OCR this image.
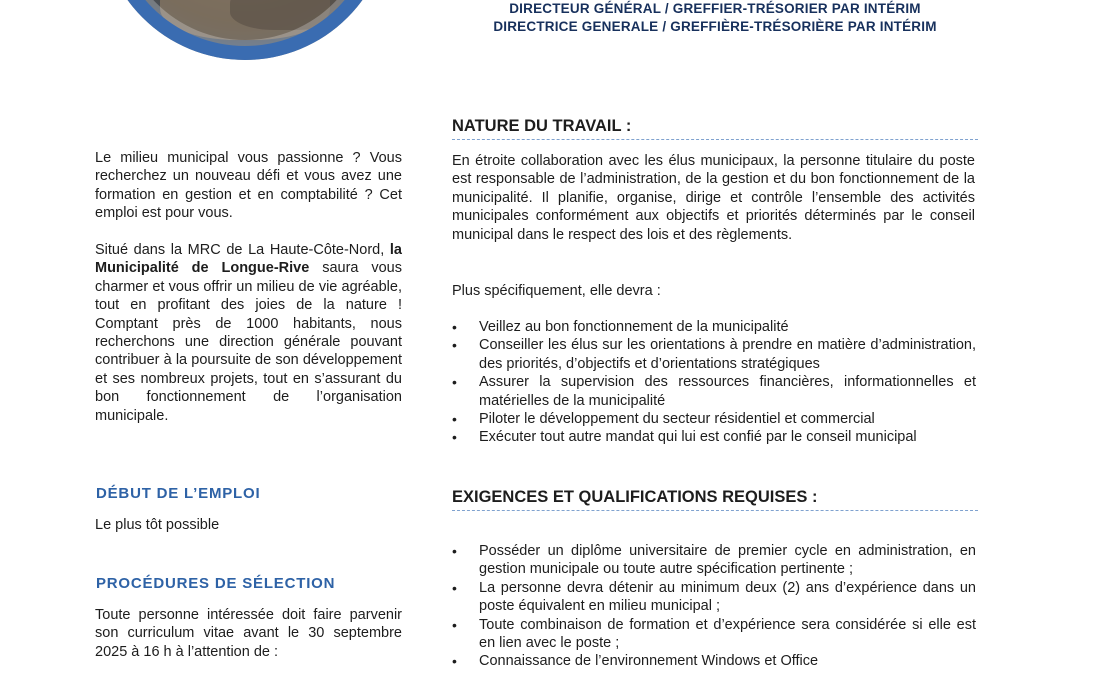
DIRECTEUR GÉNÉRAL / GREFFIER-TRÉSORIER PAR INTÉRIM
DIRECTRICE GENERALE / GREFFIÈRE-TRÉSORIÈRE PAR INTÉRIM
Le milieu municipal vous passionne ? Vous recherchez un nouveau défi et vous avez une formation en gestion et en comptabilité ? Cet emploi est pour vous.
Situé dans la MRC de La Haute-Côte-Nord, la Municipalité de Longue-Rive saura vous charmer et vous offrir un milieu de vie agréable, tout en profitant des joies de la nature ! Comptant près de 1000 habitants, nous recherchons une direction générale pouvant contribuer à la poursuite de son développement et ses nombreux projets, tout en s’assurant du bon fonctionnement de l’organisation municipale.
DÉBUT DE L’EMPLOI
Le plus tôt possible
PROCÉDURES DE SÉLECTION
Toute personne intéressée doit faire parvenir son curriculum vitae avant le 30 septembre 2025 à 16 h à l’attention de :
NATURE DU TRAVAIL :
En étroite collaboration avec les élus municipaux, la personne titulaire du poste est responsable de l’administration, de la gestion et du bon fonctionnement de la municipalité. Il planifie, organise, dirige et contrôle l’ensemble des activités municipales conformément aux objectifs et priorités déterminés par le conseil municipal dans le respect des lois et des règlements.
Plus spécifiquement, elle devra :
• Veillez au bon fonctionnement de la municipalité
• Conseiller les élus sur les orientations à prendre en matière d’administration, des priorités, d’objectifs et d’orientations stratégiques
• Assurer la supervision des ressources financières, informationnelles et matérielles de la municipalité
• Piloter le développement du secteur résidentiel et commercial
• Exécuter tout autre mandat qui lui est confié par le conseil municipal
EXIGENCES ET QUALIFICATIONS REQUISES :
• Posséder un diplôme universitaire de premier cycle en administration, en gestion municipale ou toute autre spécification pertinente ;
• La personne devra détenir au minimum deux (2) ans d’expérience dans un poste équivalent en milieu municipal ;
• Toute combinaison de formation et d’expérience sera considérée si elle est en lien avec le poste ;
• Connaissance de l’environnement Windows et Office
